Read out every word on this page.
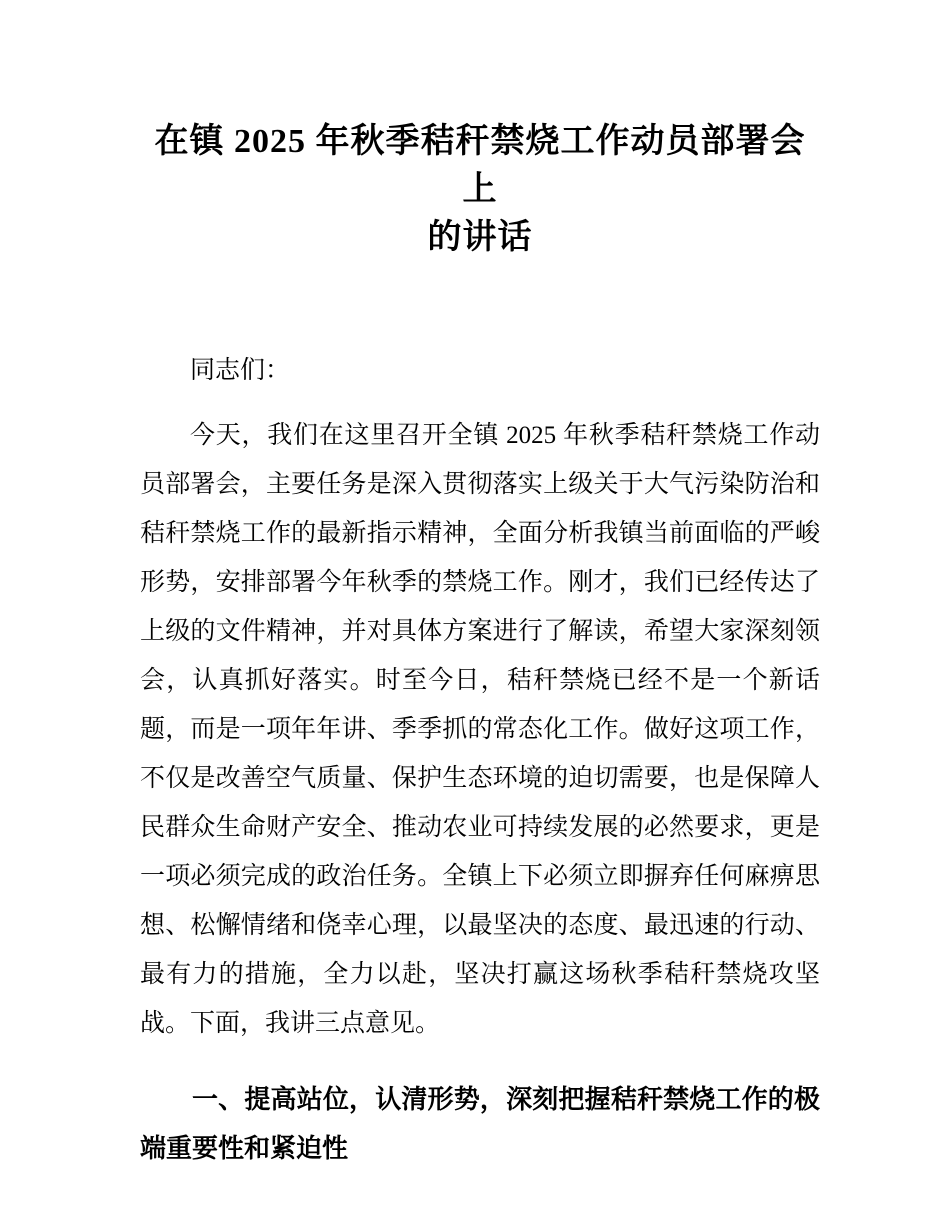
在镇 2025 年秋季秸秆禁烧工作动员部署会上
的讲话

同志们：

今天，我们在这里召开全镇 2025 年秋季秸秆禁烧工作动员部署会，主要任务是深入贯彻落实上级关于大气污染防治和秸秆禁烧工作的最新指示精神，全面分析我镇当前面临的严峻形势，安排部署今年秋季的禁烧工作。刚才，我们已经传达了上级的文件精神，并对具体方案进行了解读，希望大家深刻领会，认真抓好落实。时至今日，秸秆禁烧已经不是一个新话题，而是一项年年讲、季季抓的常态化工作。做好这项工作，不仅是改善空气质量、保护生态环境的迫切需要，也是保障人民群众生命财产安全、推动农业可持续发展的必然要求，更是一项必须完成的政治任务。全镇上下必须立即摒弃任何麻痹思想、松懈情绪和侥幸心理，以最坚决的态度、最迅速的行动、最有力的措施，全力以赴，坚决打赢这场秋季秸秆禁烧攻坚战。下面，我讲三点意见。

一、提高站位，认清形势，深刻把握秸秆禁烧工作的极端重要性和紧迫性
